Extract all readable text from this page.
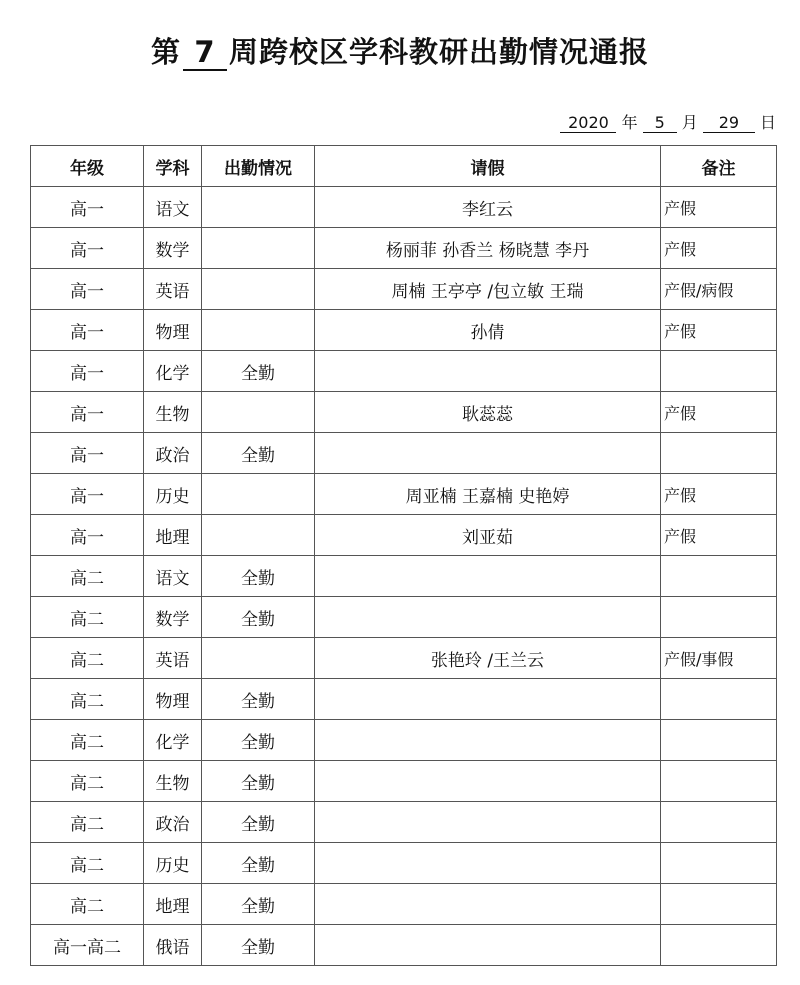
第 7 周跨校区学科教研出勤情况通报
2020 年 5 月 29 日
年级	学科	出勤情况	请假	备注
高一	语文		李红云	产假
高一	数学		杨丽菲 孙香兰 杨晓慧 李丹	产假
高一	英语		周楠 王亭亭 /包立敏 王瑞	产假/病假
高一	物理		孙倩	产假
高一	化学	全勤		
高一	生物		耿蕊蕊	产假
高一	政治	全勤		
高一	历史		周亚楠 王嘉楠 史艳婷	产假
高一	地理		刘亚茹	产假
高二	语文	全勤		
高二	数学	全勤		
高二	英语		张艳玲 /王兰云	产假/事假
高二	物理	全勤		
高二	化学	全勤		
高二	生物	全勤		
高二	政治	全勤		
高二	历史	全勤		
高二	地理	全勤		
高一高二	俄语	全勤		
